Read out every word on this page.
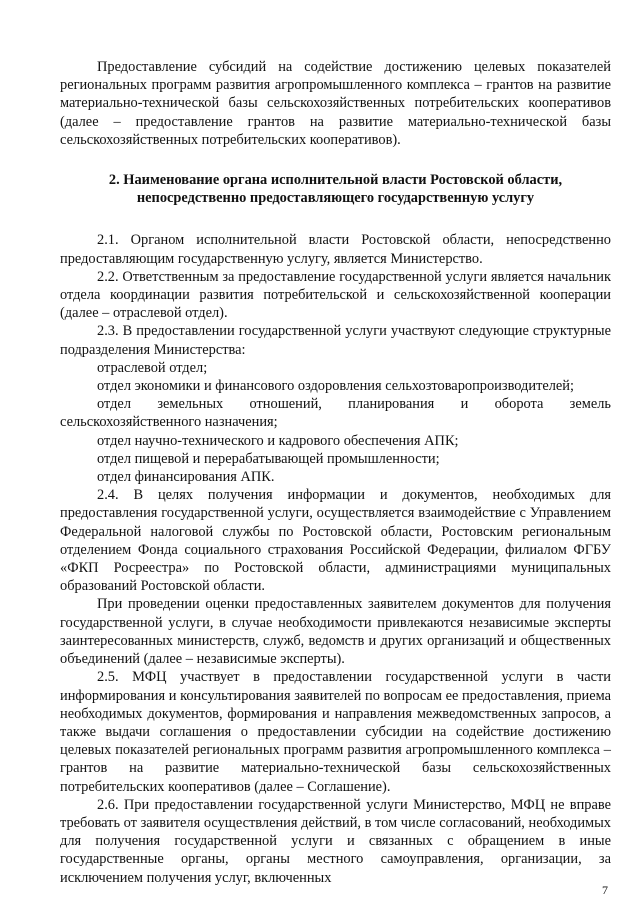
Предоставление субсидий на содействие достижению целевых показателей региональных программ развития агропромышленного комплекса – грантов на развитие материально-технической базы сельскохозяйственных потребительских кооперативов (далее – предоставление грантов на развитие материально-технической базы сельскохозяйственных потребительских кооперативов).

2. Наименование органа исполнительной власти Ростовской области,
непосредственно предоставляющего государственную услугу

2.1. Органом исполнительной власти Ростовской области, непосредственно предоставляющим государственную услугу, является Министерство.

2.2. Ответственным за предоставление государственной услуги является начальник отдела координации развития потребительской и сельскохозяйственной кооперации (далее – отраслевой отдел).

2.3. В предоставлении государственной услуги участвуют следующие структурные подразделения Министерства:

отраслевой отдел;

отдел экономики и финансового оздоровления сельхозтоваропроизводителей;

отдел земельных отношений, планирования и оборота земель сельскохозяйственного назначения;

отдел научно-технического и кадрового обеспечения АПК;

отдел пищевой и перерабатывающей промышленности;

отдел финансирования АПК.

2.4. В целях получения информации и документов, необходимых для предоставления государственной услуги, осуществляется взаимодействие с Управлением Федеральной налоговой службы по Ростовской области, Ростовским региональным отделением Фонда социального страхования Российской Федерации, филиалом ФГБУ «ФКП Росреестра» по Ростовской области, администрациями муниципальных образований Ростовской области.

При проведении оценки предоставленных заявителем документов для получения государственной услуги, в случае необходимости привлекаются независимые эксперты заинтересованных министерств, служб, ведомств и других организаций и общественных объединений (далее – независимые эксперты).

2.5. МФЦ участвует в предоставлении государственной услуги в части информирования и консультирования заявителей по вопросам ее предоставления, приема необходимых документов, формирования и направления межведомственных запросов, а также выдачи соглашения о предоставлении субсидии на содействие достижению целевых показателей региональных программ развития агропромышленного комплекса – грантов на развитие материально-технической базы сельскохозяйственных потребительских кооперативов (далее – Соглашение).

2.6. При предоставлении государственной услуги Министерство, МФЦ не вправе требовать от заявителя осуществления действий, в том числе согласований, необходимых для получения государственной услуги и связанных с обращением в иные государственные органы, органы местного самоуправления, организации, за исключением получения услуг, включенных

7
